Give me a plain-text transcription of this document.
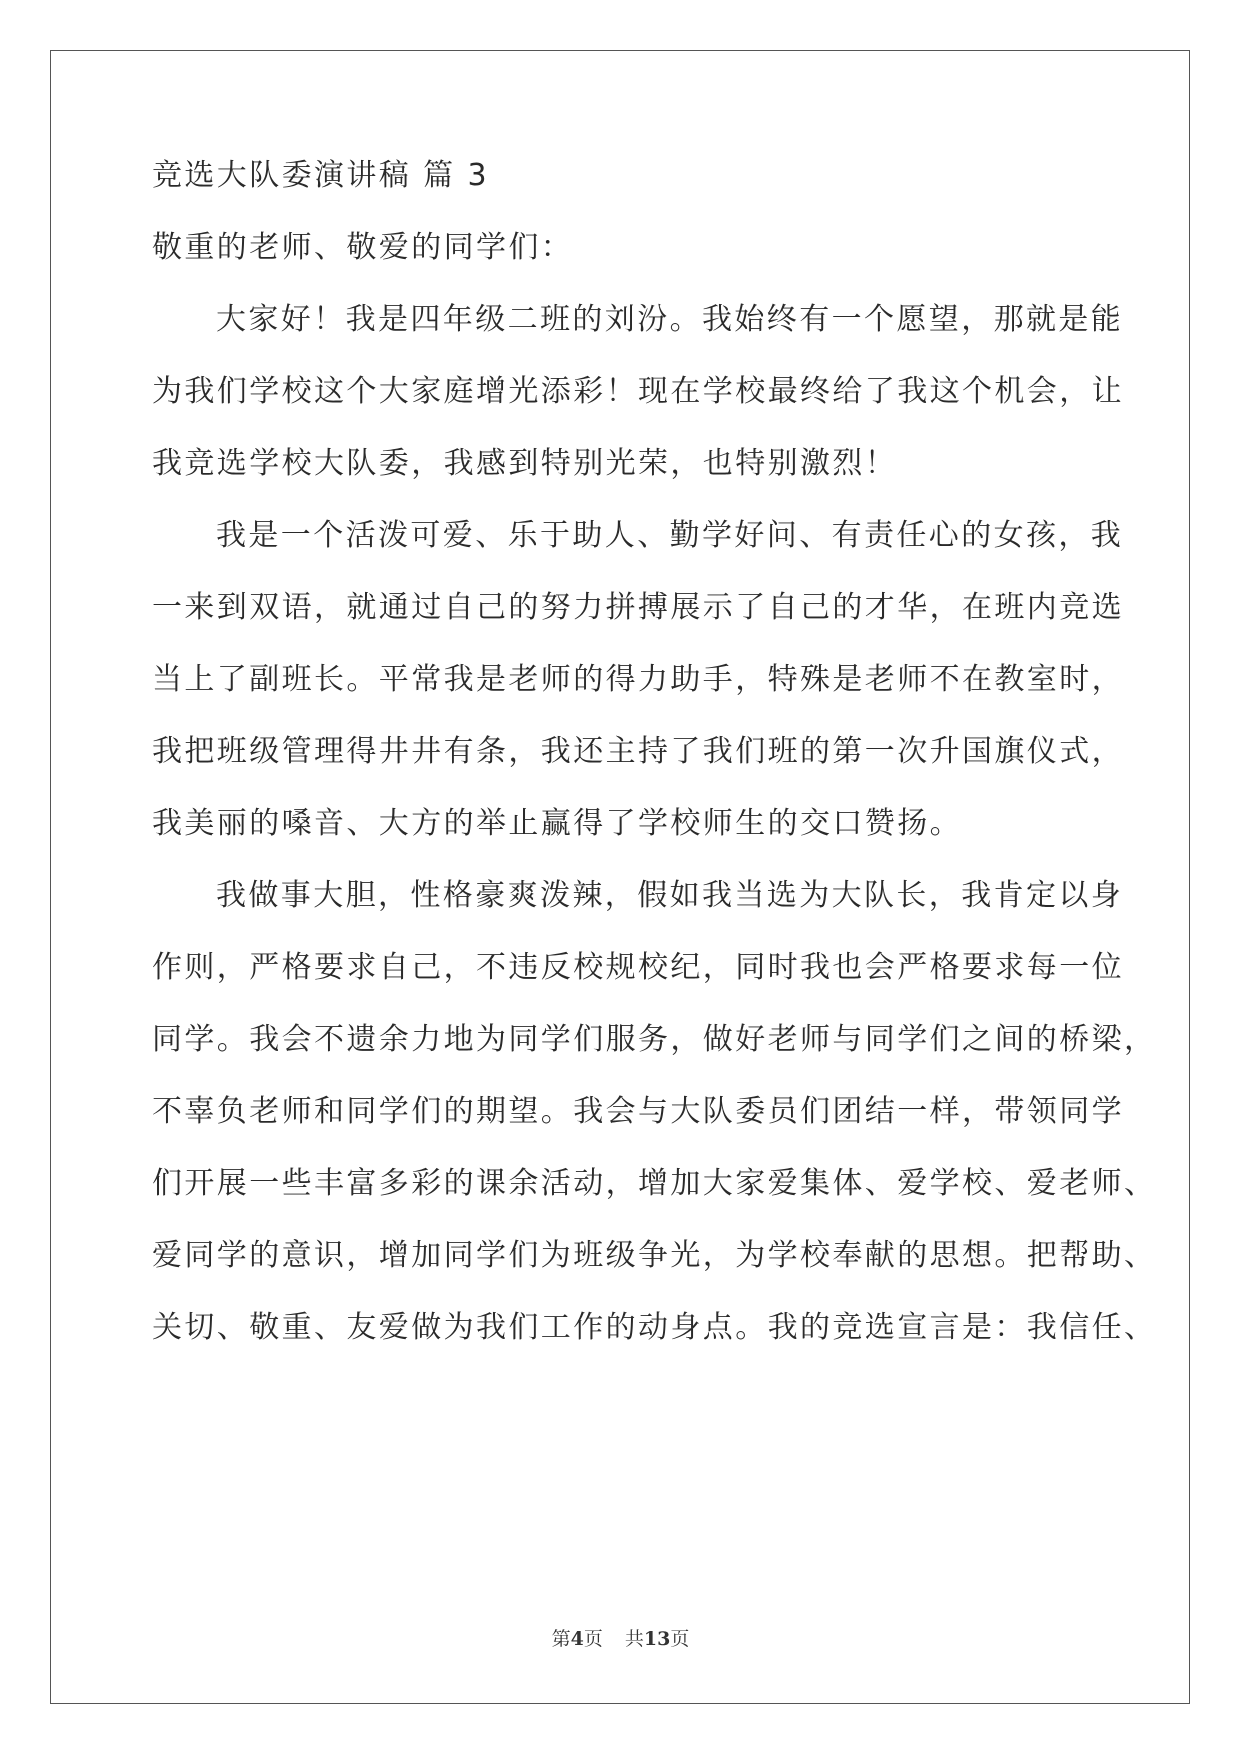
竞选大队委演讲稿 篇 3
敬重的老师、敬爱的同学们：
大家好！我是四年级二班的刘汾。我始终有一个愿望，那就是能
为我们学校这个大家庭增光添彩！现在学校最终给了我这个机会，让
我竞选学校大队委，我感到特别光荣，也特别激烈！
我是一个活泼可爱、乐于助人、勤学好问、有责任心的女孩，我
一来到双语，就通过自己的努力拼搏展示了自己的才华，在班内竞选
当上了副班长。平常我是老师的得力助手，特殊是老师不在教室时，
我把班级管理得井井有条，我还主持了我们班的第一次升国旗仪式，
我美丽的嗓音、大方的举止赢得了学校师生的交口赞扬。
我做事大胆，性格豪爽泼辣，假如我当选为大队长，我肯定以身
作则，严格要求自己，不违反校规校纪，同时我也会严格要求每一位
同学。我会不遗余力地为同学们服务，做好老师与同学们之间的桥梁，
不辜负老师和同学们的期望。我会与大队委员们团结一样，带领同学
们开展一些丰富多彩的课余活动，增加大家爱集体、爱学校、爱老师、
爱同学的意识，增加同学们为班级争光，为学校奉献的思想。把帮助、
关切、敬重、友爱做为我们工作的动身点。我的竞选宣言是：我信任、
第4页 共13页
